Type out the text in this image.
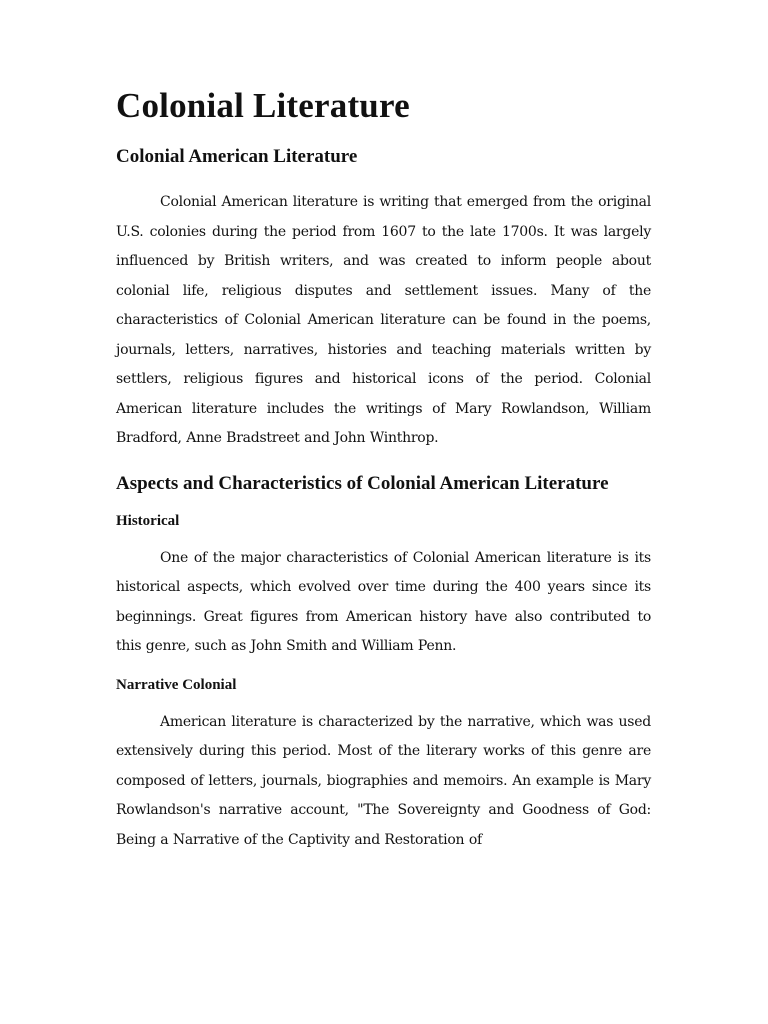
Colonial Literature
Colonial American Literature

Colonial American literature is writing that emerged from the original U.S. colonies during the period from 1607 to the late 1700s. It was largely influenced by British writers, and was created to inform people about colonial life, religious disputes and settlement issues. Many of the characteristics of Colonial American literature can be found in the poems, journals, letters, narratives, histories and teaching materials written by settlers, religious figures and historical icons of the period. Colonial American literature includes the writings of Mary Rowlandson, William Bradford, Anne Bradstreet and John Winthrop.

Aspects and Characteristics of Colonial American Literature
Historical

One of the major characteristics of Colonial American literature is its historical aspects, which evolved over time during the 400 years since its beginnings. Great figures from American history have also contributed to this genre, such as John Smith and William Penn.

Narrative Colonial

American literature is characterized by the narrative, which was used extensively during this period. Most of the literary works of this genre are composed of letters, journals, biographies and memoirs. An example is Mary Rowlandson's narrative account, "The Sovereignty and Goodness of God: Being a Narrative of the Captivity and Restoration of
